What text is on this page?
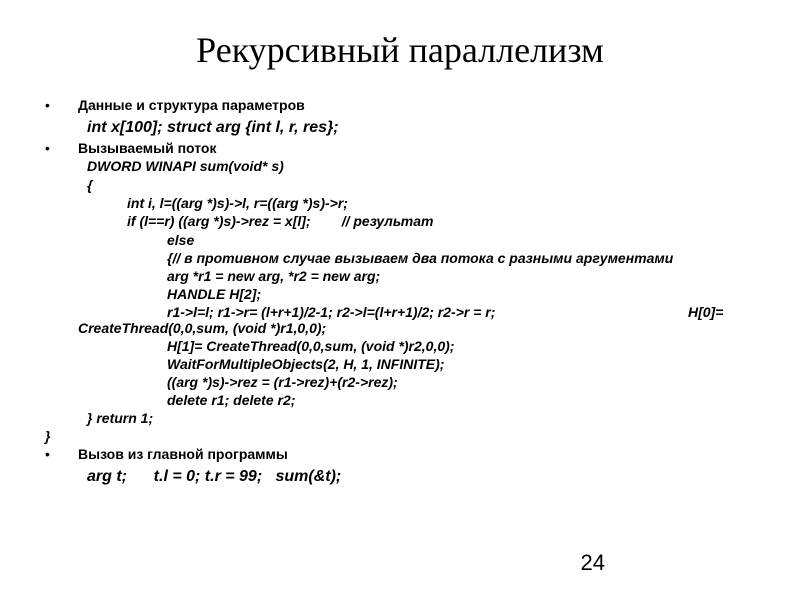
Рекурсивный параллелизм
• Данные и структура параметров
int x[100]; struct arg {int l, r, res};
• Вызываемый поток
DWORD WINAPI sum(void* s)
{
int i, l=((arg *)s)->l, r=((arg *)s)->r;
if (l==r) ((arg *)s)->rez = x[l];        // результат
else
{// в противном случае вызываем два потока с разными аргументами
arg *r1 = new arg, *r2 = new arg;
HANDLE H[2];
r1->l=l; r1->r= (l+r+1)/2-1; r2->l=(l+r+1)/2; r2->r = r;	H[0]=
CreateThread(0,0,sum, (void *)r1,0,0);
H[1]= CreateThread(0,0,sum, (void *)r2,0,0);
WaitForMultipleObjects(2, H, 1, INFINITE);
((arg *)s)->rez = (r1->rez)+(r2->rez);
delete r1; delete r2;
} return 1;
}
• Вызов из главной программы
arg t;      t.l = 0; t.r = 99;   sum(&t);
24
